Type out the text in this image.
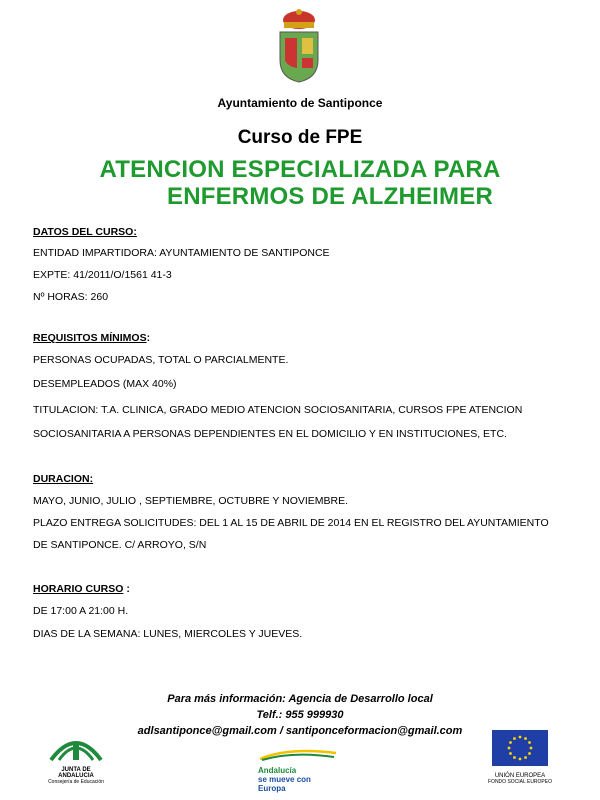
Ayuntamiento de Santiponce
Curso de FPE
ATENCION ESPECIALIZADA PARA
ENFERMOS DE ALZHEIMER

DATOS DEL CURSO:

ENTIDAD IMPARTIDORA: AYUNTAMIENTO DE SANTIPONCE

EXPTE: 41/2011/O/1561 41-3

Nº HORAS: 260

REQUISITOS MÍNIMOS:

PERSONAS OCUPADAS, TOTAL O PARCIALMENTE.

DESEMPLEADOS (MAX 40%)

TITULACION: T.A. CLINICA, GRADO MEDIO ATENCION SOCIOSANITARIA, CURSOS FPE ATENCION

SOCIOSANITARIA A PERSONAS DEPENDIENTES EN EL DOMICILIO Y EN INSTITUCIONES, ETC.

DURACION:

MAYO, JUNIO, JULIO , SEPTIEMBRE, OCTUBRE Y NOVIEMBRE.

PLAZO ENTREGA SOLICITUDES: DEL 1 AL 15 DE ABRIL DE 2014 EN EL REGISTRO DEL AYUNTAMIENTO

DE SANTIPONCE. C/ ARROYO, S/N

HORARIO CURSO :

DE 17:00 A 21:00 H.

DIAS DE LA SEMANA: LUNES, MIERCOLES Y JUEVES.

Para más información: Agencia de Desarrollo local
Telf.: 955 999930
adlsantiponce@gmail.com / santiponceformacion@gmail.com
JUNTA DE ANDALUCIA
Consejería de Educación
Andalucía
se mueve con Europa
UNIÓN EUROPEA
FONDO SOCIAL EUROPEO
